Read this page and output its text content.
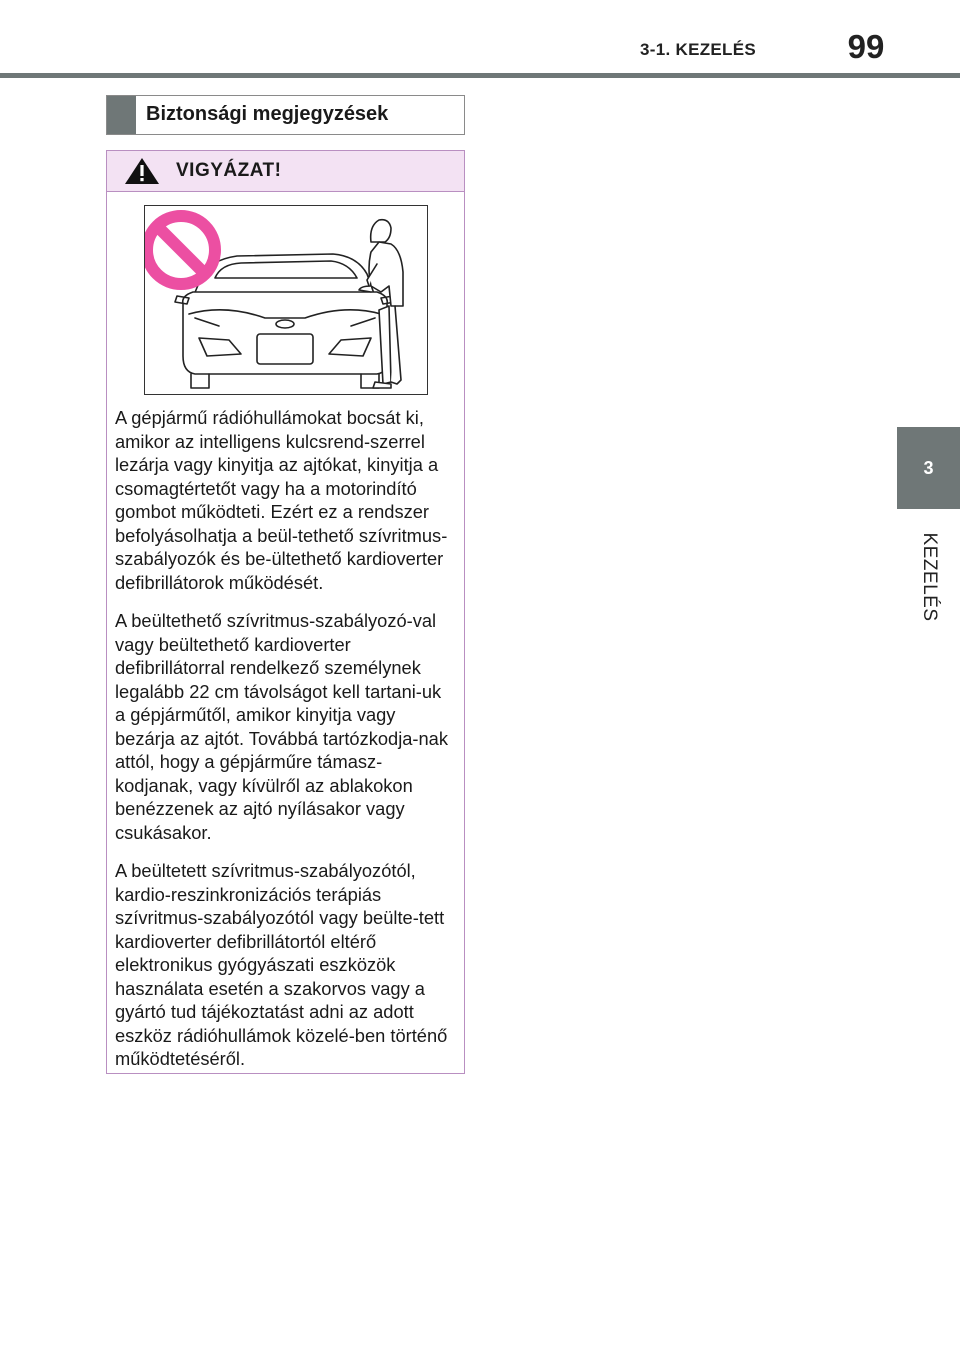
3-1. KEZELÉS	99
3
KEZELÉS
Biztonsági megjegyzések
VIGYÁZAT!

A gépjármű rádióhullámokat bocsát ki, amikor az intelligens kulcsrend-szerrel lezárja vagy kinyitja az ajtókat, kinyitja a csomagtértetőt vagy ha a motorindító gombot működteti. Ezért ez a rendszer befolyásolhatja a beül-tethető szívritmus-szabályozók és be-ültethető kardioverter defibrillátorok működését.

A beültethető szívritmus-szabályozó-val vagy beültethető kardioverter defibrillátorral rendelkező személynek legalább 22 cm távolságot kell tartani-uk a gépjárműtől, amikor kinyitja vagy bezárja az ajtót. Továbbá tartózkodja-nak attól, hogy a gépjárműre támasz-kodjanak, vagy kívülről az ablakokon benézzenek az ajtó nyílásakor vagy csukásakor.

A beültetett szívritmus-szabályozótól, kardio-reszinkronizációs terápiás szívritmus-szabályozótól vagy beülte-tett kardioverter defibrillátortól eltérő elektronikus gyógyászati eszközök használata esetén a szakorvos vagy a gyártó tud tájékoztatást adni az adott eszköz rádióhullámok közelé-ben történő működtetéséről.
